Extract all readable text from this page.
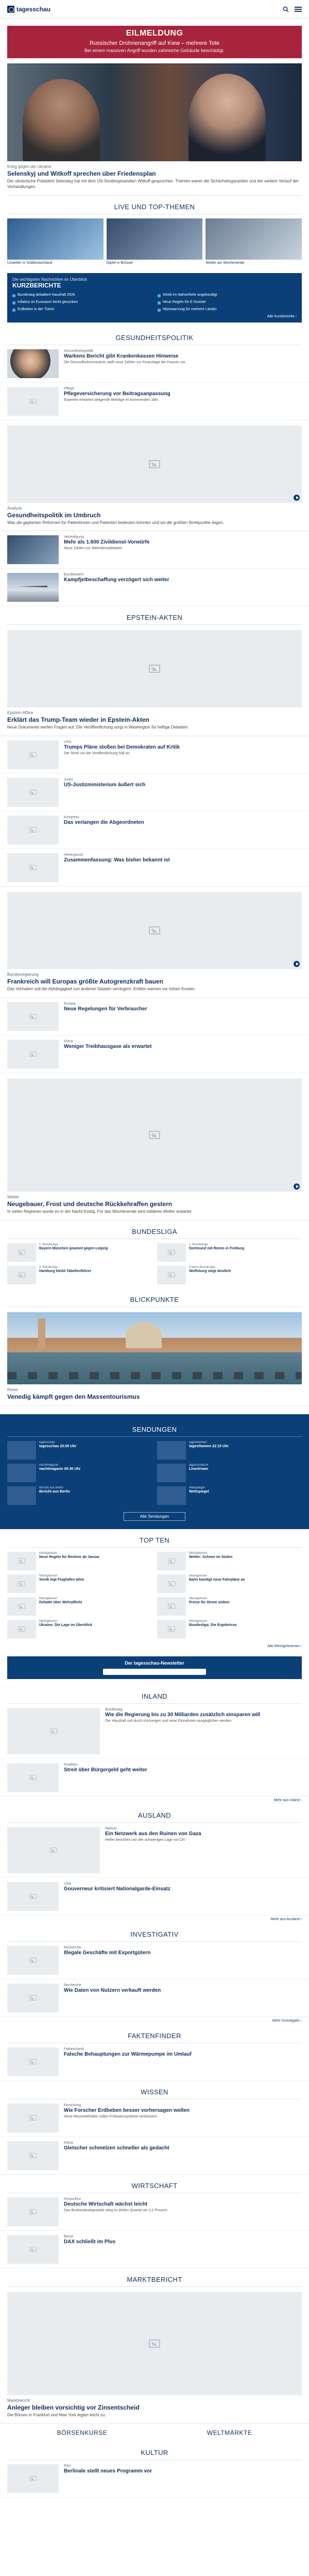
tagesschau
EILMELDUNG
Russischer Drohnenangriff auf Kiew – mehrere Tote
Bei einem massiven Angriff wurden zahlreiche Gebäude beschädigt.
Krieg gegen die Ukraine
Selenskyj und Witkoff sprechen über Friedensplan
Der ukrainische Präsident Selenskyj hat mit dem US-Sondergesandten Witkoff gesprochen. Themen waren die Sicherheitsgarantien und der weitere Verlauf der Verhandlungen.
LIVE UND TOP-THEMEN
Unwetter in Süddeutschland	Gipfel in Brüssel	Wetter am Wochenende
Die wichtigsten Nachrichten im Überblick
KURZBERICHTE
Bundestag debattiert Haushalt 2026	Streik im Nahverkehr angekündigt
Inflation im Euroraum leicht gesunken	Neue Regeln für E-Scooter
Erdbeben in der Türkei	Hitzewarnung für mehrere Länder
Alle Kurzberichte ›
GESUNDHEITSPOLITIK
Gesundheitspolitik
Warkens Bericht gibt Krankenkassen Hinweise
Die Gesundheitsministerin stellt neue Zahlen zur Finanzlage der Kassen vor.
Pflege
Pflegeversicherung vor Beitragsanpassung
Experten erwarten steigende Beiträge im kommenden Jahr.
Analyse
Gesundheitspolitik im Umbruch
Was die geplanten Reformen für Patientinnen und Patienten bedeuten könnten und wo die größten Streitpunkte liegen.
Verteidigung
Mehr als 1.600 Zivildienst-Vorwürfe
Neue Zahlen zur Wehrdienstdebatte.
Bundeswehr
Kampfjetbeschaffung verzögert sich weiter
EPSTEIN-AKTEN
Epstein-Affäre
Erklärt das Trump-Team wieder in Epstein-Akten
Neue Dokumente werfen Fragen auf. Die Veröffentlichung sorgt in Washington für heftige Debatten.
USA
Trumps Pläne stoßen bei Demokraten auf Kritik
Der Streit um die Veröffentlichung hält an.
Justiz
US-Justizministerium äußert sich
Kongress
Das verlangen die Abgeordneten
Hintergrund
Zusammenfassung: Was bisher bekannt ist
Bundesregierung
Frankreich will Europas größte Autogrenzkraft bauen
Das Vorhaben soll die Abhängigkeit von anderen Staaten verringern. Kritiker warnen vor hohen Kosten.
Europa
Neue Regelungen für Verbraucher
Klima
Weniger Treibhausgase als erwartet
Wetter
Neugebauer, Frost und deutsche Rückkehraffen gestern
In vielen Regionen wurde es in der Nacht frostig. Für das Wochenende wird milderes Wetter erwartet.
BUNDESLIGA
1. Bundesliga
Bayern München gewinnt gegen Leipzig
1. Bundesliga
Dortmund mit Remis in Freiburg
2. Bundesliga
Hamburg bleibt Tabellenführer
Frauen-Bundesliga
Wolfsburg siegt deutlich
BLICKPUNKTE
Reise
Venedig kämpft gegen den Massentourismus
SENDUNGEN
tagesschau
tagesschau 20:00 Uhr
tagesthemen
tagesthemen 22:15 Uhr
nachtmagazin
nachtmagazin 00:30 Uhr
tagesschau24
Livestream
Bericht aus Berlin
Bericht aus Berlin
Weltspiegel
Weltspiegel
Alle Sendungen
TOP TEN
Meistgelesen
Neue Regeln für Rentner ab Januar
Meistgelesen
Wetter: Schnee im Süden
Meistgelesen
Streik legt Flughäfen lahm
Meistgelesen
Bahn kündigt neue Fahrpläne an
Meistgelesen
Debatte über Wehrpflicht
Meistgelesen
Preise für Strom sinken
Meistgelesen
Ukraine: Die Lage im Überblick
Meistgelesen
Bundesliga: Die Ergebnisse
Alle Meistgelesenen ›
Der tagesschau-Newsletter
INLAND
Bundestag
Wie die Regierung bis zu 30 Milliarden zusätzlich einsparen will
Der Haushalt soll durch Kürzungen und neue Einnahmen ausgeglichen werden.
Koalition
Streit über Bürgergeld geht weiter
Mehr aus Inland ›
AUSLAND
Nahost
Ein Netzwerk aus den Ruinen von Gaza
Helfer berichten von der schwierigen Lage vor Ort.
USA
Gouverneur kritisiert Nationalgarde-Einsatz
Mehr aus Ausland ›
INVESTIGATIV
Recherche
Illegale Geschäfte mit Exportgütern
Recherche
Wie Daten von Nutzern verkauft werden
Mehr Investigativ ›
FAKTENFINDER
Faktencheck
Falsche Behauptungen zur Wärmepumpe im Umlauf
WISSEN
Forschung
Wie Forscher Erdbeben besser vorhersagen wollen
Neue Messmethoden sollen Frühwarnsysteme verbessern.
Klima
Gletscher schmelzen schneller als gedacht
WIRTSCHAFT
Konjunktur
Deutsche Wirtschaft wächst leicht
Das Bruttoinlandsprodukt stieg im dritten Quartal um 0,2 Prozent.
Börse
DAX schließt im Plus
MARKTBERICHT
Marktbericht
Anleger bleiben vorsichtig vor Zinsentscheid
Die Börsen in Frankfurt und New York legten leicht zu.
BÖRSENKURSE	WELTMÄRKTE
KULTUR
Film
Berlinale stellt neues Programm vor
